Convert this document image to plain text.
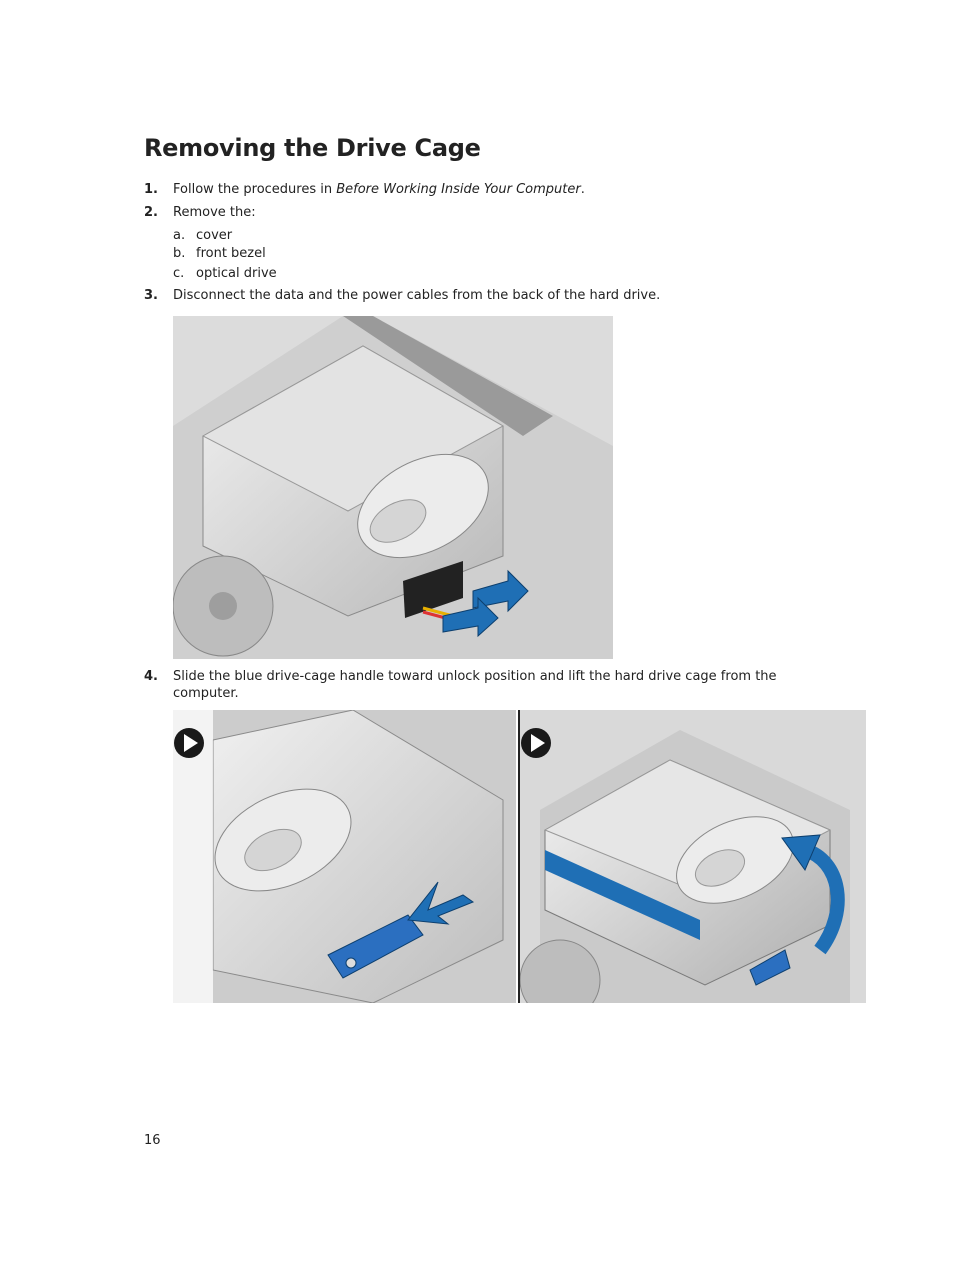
Removing the Drive Cage
1. Follow the procedures in Before Working Inside Your Computer.
2. Remove the:
a. cover
b. front bezel
c. optical drive
3. Disconnect the data and the power cables from the back of the hard drive.
4. Slide the blue drive-cage handle toward unlock position and lift the hard drive cage from the computer.
16
